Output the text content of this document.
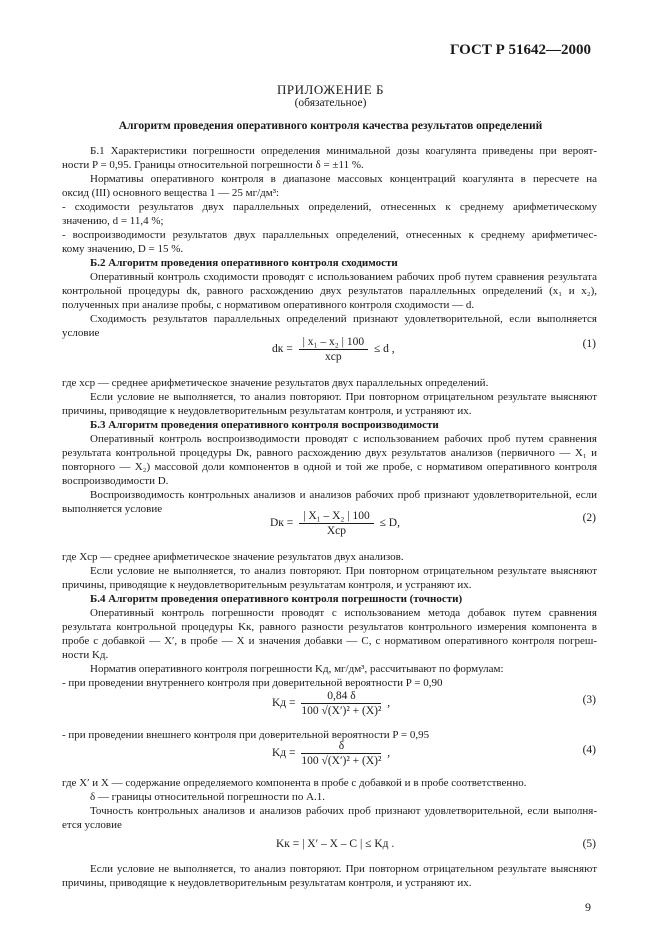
ГОСТ Р 51642—2000
ПРИЛОЖЕНИЕ Б
(обязательное)
Алгоритм проведения оперативного контроля качества результатов определений
Б.1 Характеристики погрешности определения минимальной дозы коагулянта приведены при вероят-
ности P = 0,95. Границы относительной погрешности δ = ±11 %.
Нормативы оперативного контроля в диапазоне массовых концентраций коагулянта в пересчете на
оксид (III) основного вещества 1 — 25 мг/дм³:
- сходимости результатов двух параллельных определений, отнесенных к среднему арифметическому
значению, d = 11,4 %;
- воспроизводимости результатов двух параллельных определений, отнесенных к среднему арифметичес-
кому значению, D = 15 %.
Б.2 Алгоритм проведения оперативного контроля сходимости
Оперативный контроль сходимости проводят с использованием рабочих проб путем сравнения результата
контрольной процедуры dк, равного расхождению двух результатов параллельных определений (x₁ и x₂),
полученных при анализе пробы, с нормативом оперативного контроля сходимости — d.
Сходимость результатов параллельных определений признают удовлетворительной, если выполняется
условие
dк = $\frac{\text{| x₁ – x₂ | 100}}{\text{xср}} \le d$ ,	(1)
где xср — среднее арифметическое значение результатов двух параллельных определений.
Если условие не выполняется, то анализ повторяют. При повторном отрицательном результате выясняют
причины, приводящие к неудовлетворительным результатам контроля, и устраняют их.
Б.3 Алгоритм проведения оперативного контроля воспроизводимости
Оперативный контроль воспроизводимости проводят с использованием рабочих проб путем сравнения
результата контрольной процедуры Dк, равного расхождению двух результатов анализов (первичного — X₁ и
повторного — X₂) массовой доли компонентов в одной и той же пробе, с нормативом оперативного контроля
воспроизводимости D.
Воспроизводимость контрольных анализов и анализов рабочих проб признают удовлетворительной, если
выполняется условие
Dк = $\frac{\text{| X₁ – X₂ | 100}}{\text{Xср}} \le D$,	(2)
где Xср — среднее арифметическое значение результатов двух анализов.
Если условие не выполняется, то анализ повторяют. При повторном отрицательном результате выясняют
причины, приводящие к неудовлетворительным результатам контроля, и устраняют их.
Б.4 Алгоритм проведения оперативного контроля погрешности (точности)
Оперативный контроль погрешности проводят с использованием метода добавок путем сравнения
результата контрольной процедуры Kк, равного разности результатов контрольного измерения компонента в
пробе с добавкой — X′, в пробе — X и значения добавки — C, с нормативом оперативного контроля погреш-
ности Kд.
Норматив оперативного контроля погрешности Kд, мг/дм³, рассчитывают по формулам:
- при проведении внутреннего контроля при доверительной вероятности P = 0,90
Kд = $\frac{0,84 \delta}{\text{100 √(X′)² + (X)²}}$ ,	(3)
- при проведении внешнего контроля при доверительной вероятности P = 0,95
Kд = $\frac{\delta}{\text{100 √(X′)² + (X)²}}$ ,	(4)
где X′ и X — содержание определяемого компонента в пробе с добавкой и в пробе соответственно.
δ — границы относительной погрешности по А.1.
Точность контрольных анализов и анализов рабочих проб признают удовлетворительной, если выполня-
ется условие
Kк = | X′ – X – C | ≤ Kд .	(5)
Если условие не выполняется, то анализ повторяют. При повторном отрицательном результате выясняют
причины, приводящие к неудовлетворительным результатам контроля, и устраняют их.
9
